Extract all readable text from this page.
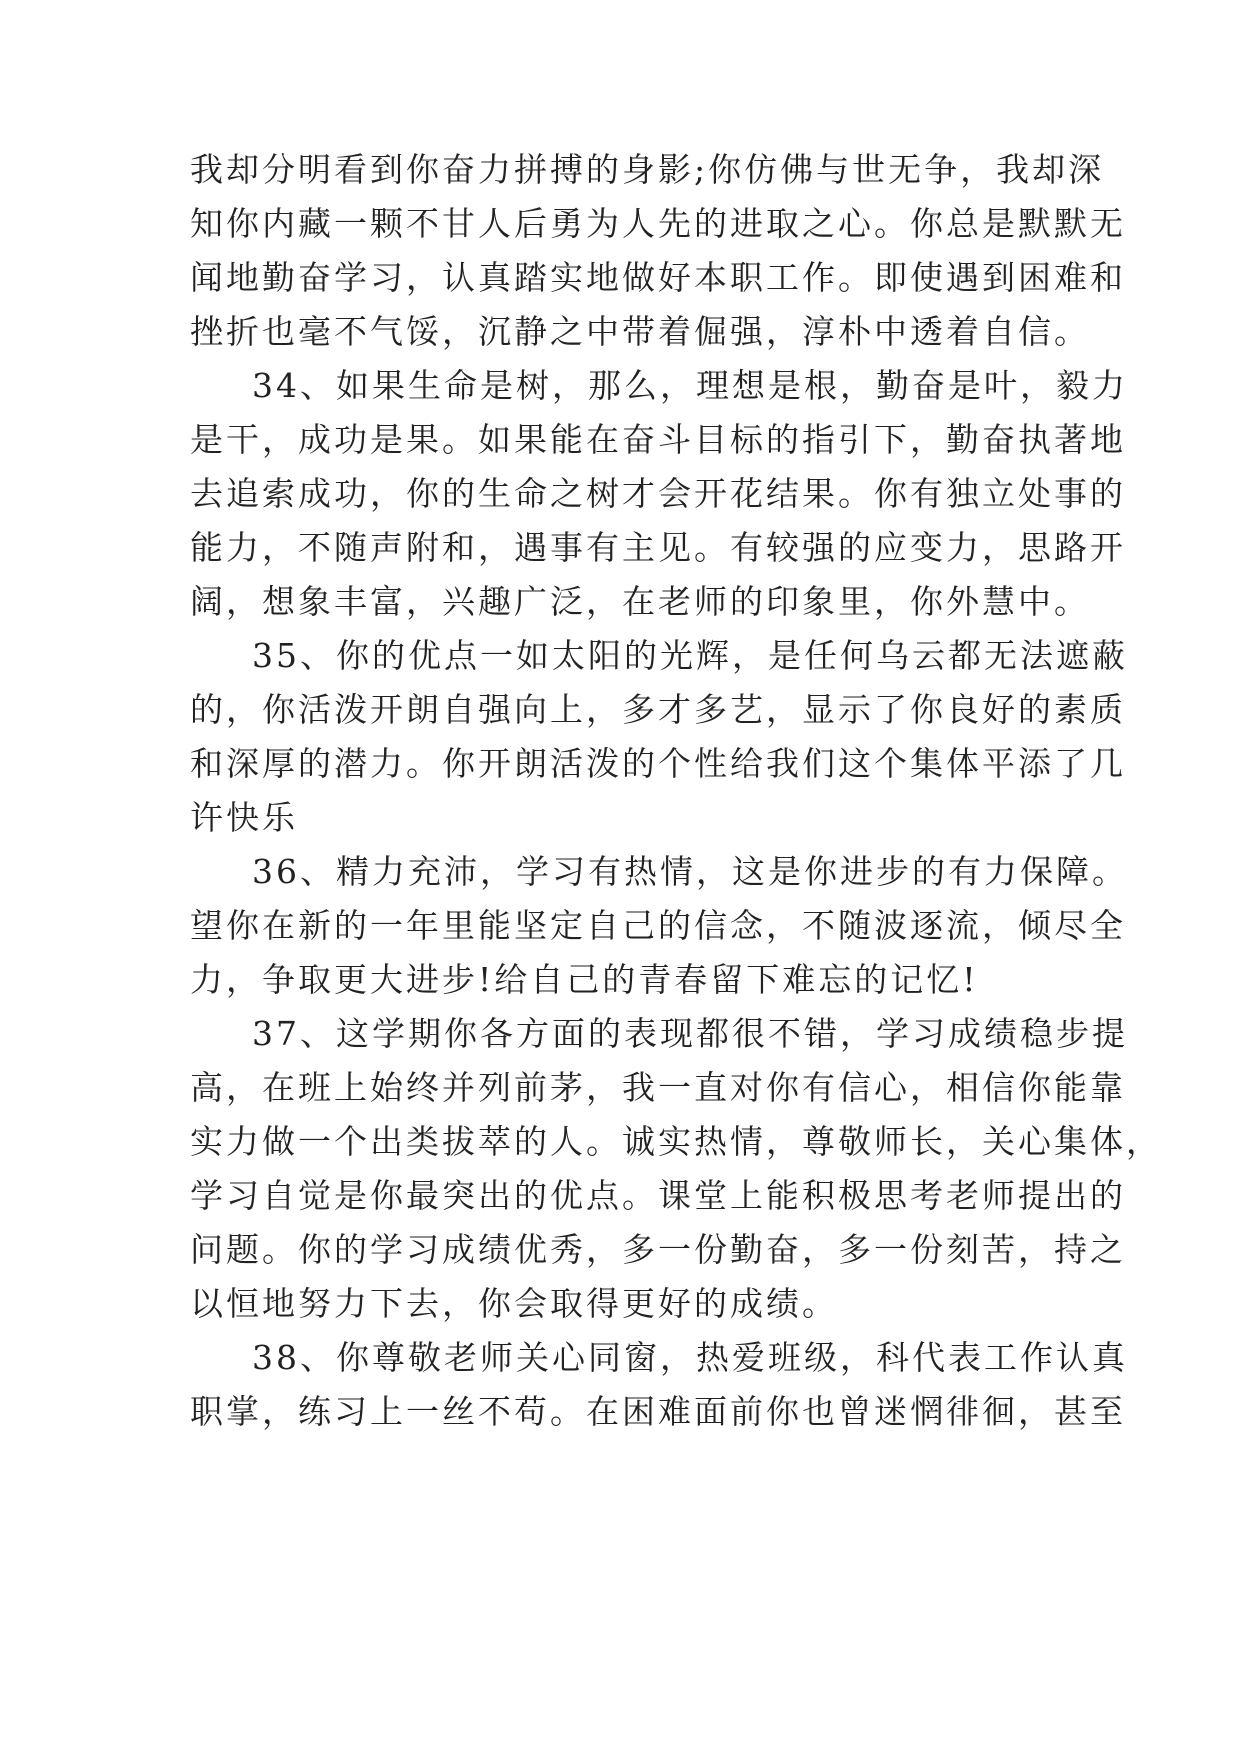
我却分明看到你奋力拼搏的身影;你仿佛与世无争，我却深
知你内藏一颗不甘人后勇为人先的进取之心。你总是默默无
闻地勤奋学习，认真踏实地做好本职工作。即使遇到困难和
挫折也毫不气馁，沉静之中带着倔强，淳朴中透着自信。
34、如果生命是树，那么，理想是根，勤奋是叶，毅力
是干，成功是果。如果能在奋斗目标的指引下，勤奋执著地
去追索成功，你的生命之树才会开花结果。你有独立处事的
能力，不随声附和，遇事有主见。有较强的应变力，思路开
阔，想象丰富，兴趣广泛，在老师的印象里，你外慧中。
35、你的优点一如太阳的光辉，是任何乌云都无法遮蔽
的，你活泼开朗自强向上，多才多艺，显示了你良好的素质
和深厚的潜力。你开朗活泼的个性给我们这个集体平添了几
许快乐
36、精力充沛，学习有热情，这是你进步的有力保障。
望你在新的一年里能坚定自己的信念，不随波逐流，倾尽全
力，争取更大进步!给自己的青春留下难忘的记忆!
37、这学期你各方面的表现都很不错，学习成绩稳步提
高，在班上始终并列前茅，我一直对你有信心，相信你能靠
实力做一个出类拔萃的人。诚实热情，尊敬师长，关心集体，
学习自觉是你最突出的优点。课堂上能积极思考老师提出的
问题。你的学习成绩优秀，多一份勤奋，多一份刻苦，持之
以恒地努力下去，你会取得更好的成绩。
38、你尊敬老师关心同窗，热爱班级，科代表工作认真
职掌，练习上一丝不苟。在困难面前你也曾迷惘徘徊，甚至
